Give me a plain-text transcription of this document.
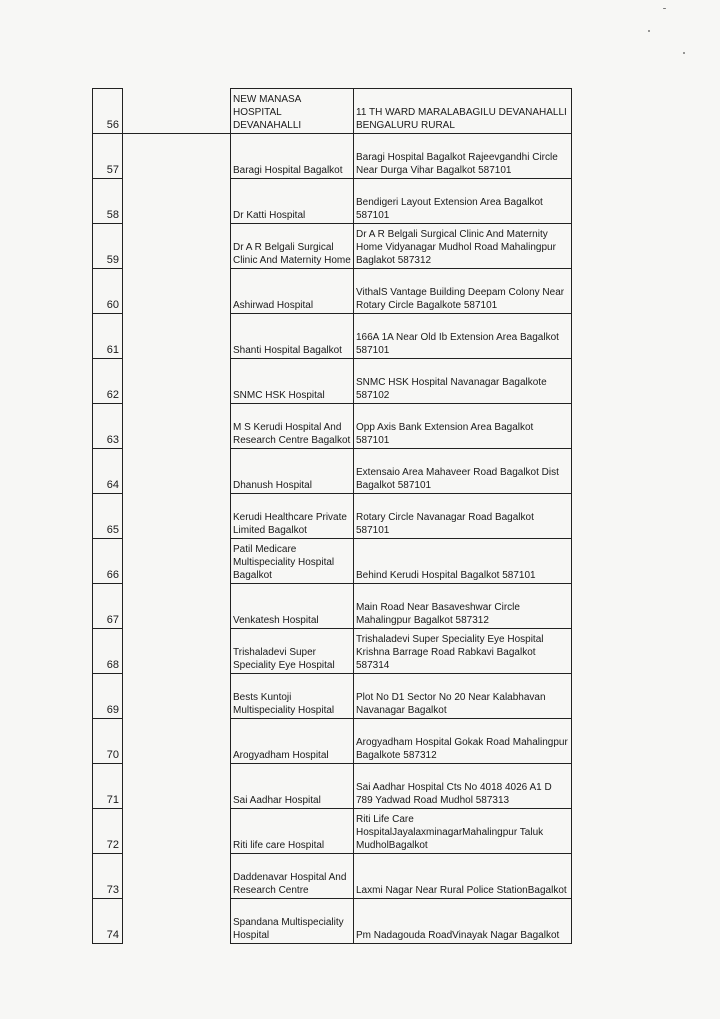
56		NEW MANASA HOSPITAL DEVANAHALLI	11 TH WARD MARALABAGILU DEVANAHALLI BENGALURU RURAL
57		Baragi Hospital Bagalkot	Baragi Hospital Bagalkot Rajeevgandhi Circle Near Durga Vihar Bagalkot 587101
58		Dr Katti Hospital	Bendigeri Layout Extension Area Bagalkot 587101
59		Dr A R Belgali Surgical Clinic And Maternity Home	Dr A R Belgali Surgical Clinic And Maternity Home Vidyanagar Mudhol Road Mahalingpur Baglakot 587312
60		Ashirwad Hospital	VithalS Vantage Building Deepam Colony Near Rotary Circle Bagalkote 587101
61		Shanti Hospital Bagalkot	166A 1A Near Old Ib Extension Area Bagalkot 587101
62		SNMC HSK Hospital	SNMC HSK Hospital Navanagar Bagalkote 587102
63		M S Kerudi Hospital And Research Centre Bagalkot	Opp Axis Bank Extension Area Bagalkot 587101
64		Dhanush Hospital	Extensaio Area Mahaveer Road Bagalkot Dist Bagalkot 587101
65		Kerudi Healthcare Private Limited Bagalkot	Rotary Circle Navanagar Road Bagalkot 587101
66		Patil Medicare Multispeciality Hospital Bagalkot	Behind Kerudi Hospital Bagalkot 587101
67		Venkatesh Hospital	Main Road Near Basaveshwar Circle Mahalingpur Bagalkot 587312
68		Trishaladevi Super Speciality Eye Hospital	Trishaladevi Super Speciality Eye Hospital Krishna Barrage Road Rabkavi Bagalkot 587314
69		Bests Kuntoji Multispeciality Hospital	Plot No D1 Sector No 20 Near Kalabhavan Navanagar Bagalkot
70		Arogyadham Hospital	Arogyadham Hospital Gokak Road Mahalingpur Bagalkote 587312
71		Sai Aadhar Hospital	Sai Aadhar Hospital Cts No 4018 4026 A1 D 789 Yadwad Road Mudhol 587313
72		Riti life care Hospital	Riti Life Care HospitalJayalaxminagarMahalingpur Taluk MudholBagalkot
73		Daddenavar Hospital And Research Centre	Laxmi Nagar Near Rural Police StationBagalkot
74		Spandana Multispeciality Hospital	Pm Nadagouda RoadVinayak Nagar Bagalkot
